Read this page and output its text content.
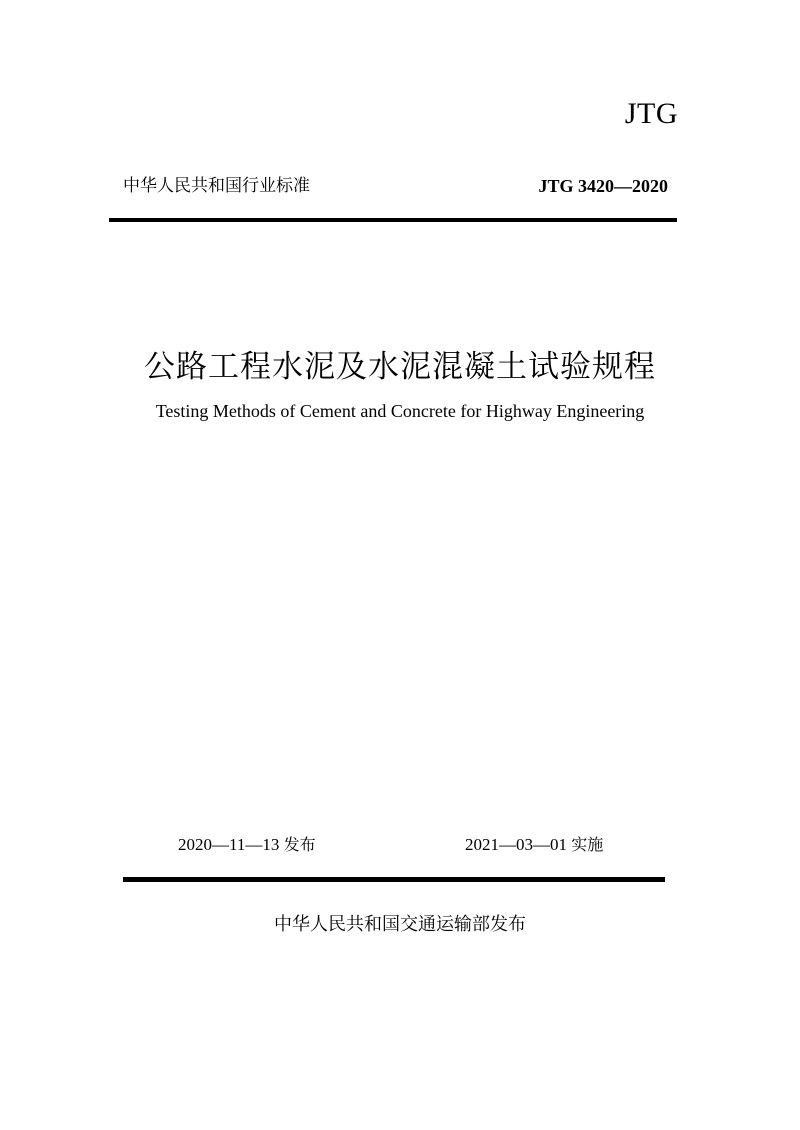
JTG
中华人民共和国行业标准	JTG 3420—2020
公路工程水泥及水泥混凝土试验规程
Testing Methods of Cement and Concrete for Highway Engineering
2020—11—13 发布	2021—03—01 实施
中华人民共和国交通运输部发布
